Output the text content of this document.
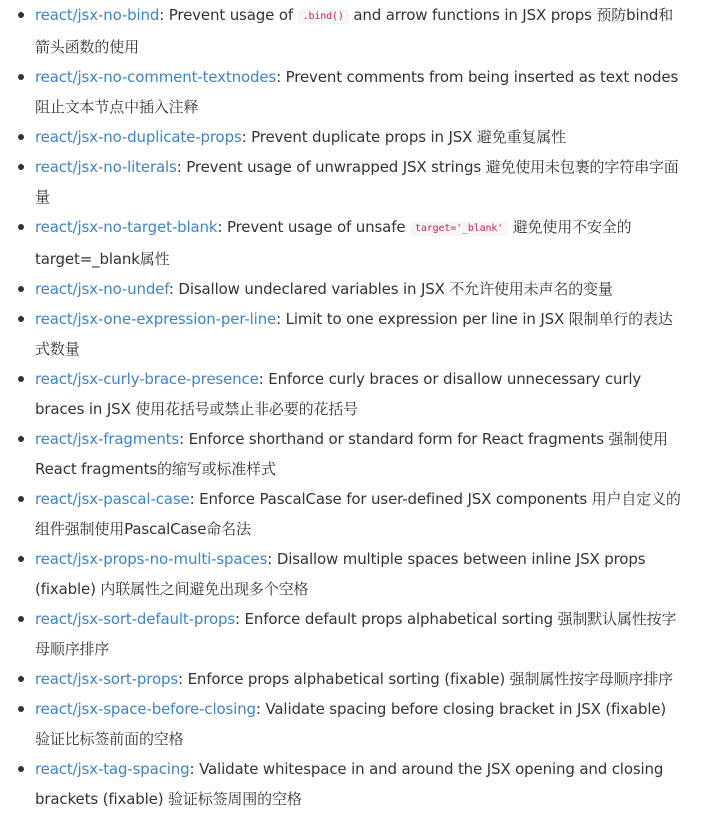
react/jsx-no-bind: Prevent usage of .bind() and arrow functions in JSX props 预防bind和箭头函数的使用
react/jsx-no-comment-textnodes: Prevent comments from being inserted as text nodes 阻止文本节点中插入注释
react/jsx-no-duplicate-props: Prevent duplicate props in JSX 避免重复属性
react/jsx-no-literals: Prevent usage of unwrapped JSX strings 避免使用未包裹的字符串字面量
react/jsx-no-target-blank: Prevent usage of unsafe target='_blank' 避免使用不安全的target=_blank属性
react/jsx-no-undef: Disallow undeclared variables in JSX 不允许使用未声名的变量
react/jsx-one-expression-per-line: Limit to one expression per line in JSX 限制单行的表达式数量
react/jsx-curly-brace-presence: Enforce curly braces or disallow unnecessary curly braces in JSX 使用花括号或禁止非必要的花括号
react/jsx-fragments: Enforce shorthand or standard form for React fragments 强制使用React fragments的缩写或标准样式
react/jsx-pascal-case: Enforce PascalCase for user-defined JSX components 用户自定义的组件强制使用PascalCase命名法
react/jsx-props-no-multi-spaces: Disallow multiple spaces between inline JSX props (fixable) 内联属性之间避免出现多个空格
react/jsx-sort-default-props: Enforce default props alphabetical sorting 强制默认属性按字母顺序排序
react/jsx-sort-props: Enforce props alphabetical sorting (fixable) 强制属性按字母顺序排序
react/jsx-space-before-closing: Validate spacing before closing bracket in JSX (fixable) 验证比标签前面的空格
react/jsx-tag-spacing: Validate whitespace in and around the JSX opening and closing brackets (fixable) 验证标签周围的空格
